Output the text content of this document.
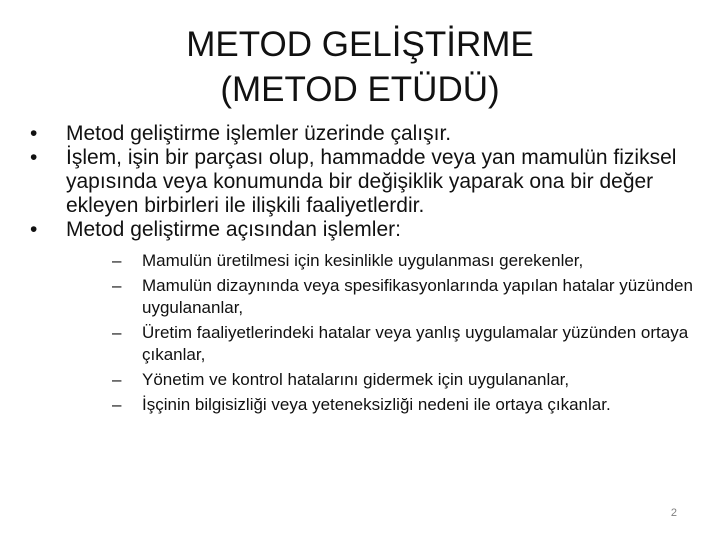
METOD GELİŞTİRME
(METOD ETÜDÜ)
•	Metod geliştirme işlemler üzerinde çalışır.
•	İşlem, işin bir parçası olup, hammadde veya yan mamulün fiziksel yapısında veya konumunda bir değişiklik yaparak ona bir değer ekleyen birbirleri ile ilişkili faaliyetlerdir.
•	Metod geliştirme açısından işlemler:
– Mamulün üretilmesi için kesinlikle uygulanması gerekenler,
– Mamulün dizaynında veya spesifikasyonlarında yapılan hatalar yüzünden uygulananlar,
– Üretim faaliyetlerindeki hatalar veya yanlış uygulamalar yüzünden ortaya çıkanlar,
– Yönetim ve kontrol hatalarını gidermek için uygulananlar,
– İşçinin bilgisizliği veya yeteneksizliği nedeni ile ortaya çıkanlar.
2
